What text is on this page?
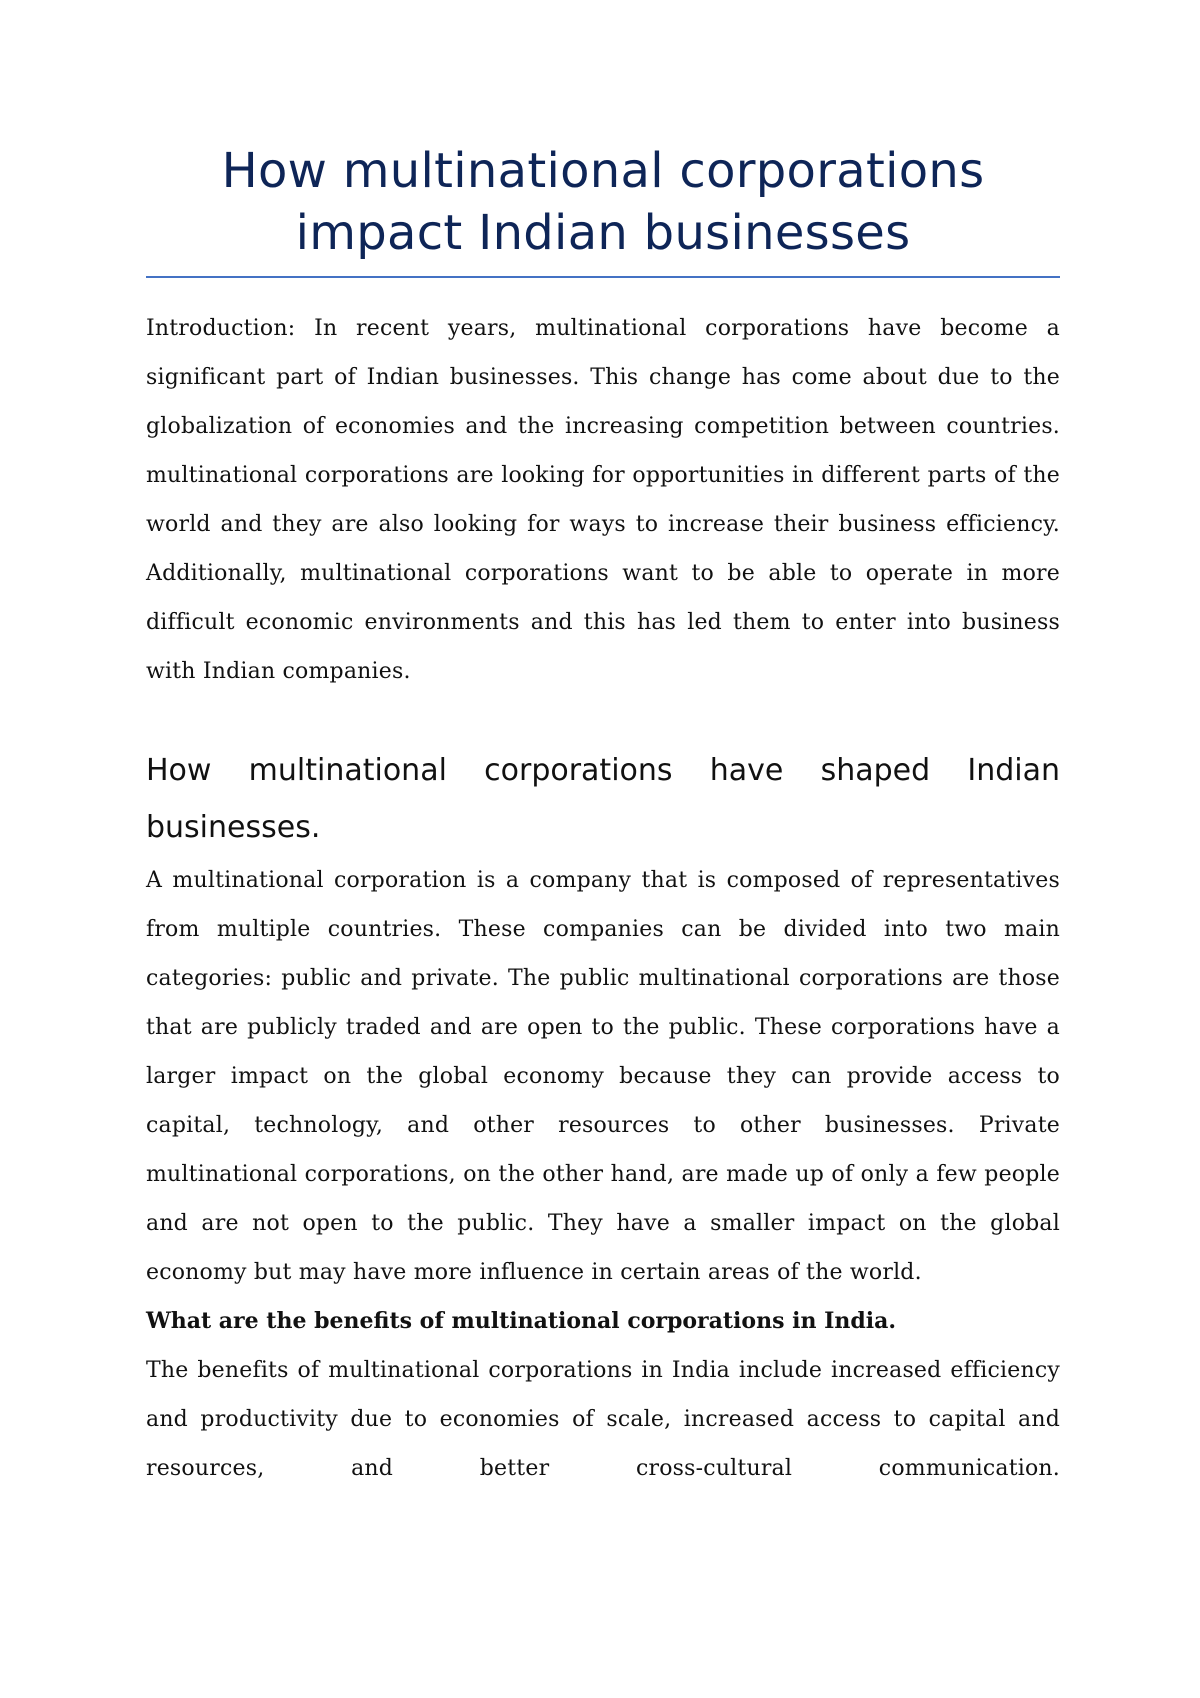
How multinational corporations impact Indian businesses

Introduction: In recent years, multinational corporations have become a significant part of Indian businesses. This change has come about due to the globalization of economies and the increasing competition between countries. multinational corporations are looking for opportunities in different parts of the world and they are also looking for ways to increase their business efficiency. Additionally, multinational corporations want to be able to operate in more difficult economic environments and this has led them to enter into business with Indian companies.

How multinational corporations have shaped Indian businesses.

A multinational corporation is a company that is composed of representatives from multiple countries. These companies can be divided into two main categories: public and private. The public multinational corporations are those that are publicly traded and are open to the public. These corporations have a larger impact on the global economy because they can provide access to capital, technology, and other resources to other businesses. Private multinational corporations, on the other hand, are made up of only a few people and are not open to the public. They have a smaller impact on the global economy but may have more influence in certain areas of the world.

What are the benefits of multinational corporations in India.

The benefits of multinational corporations in India include increased efficiency and productivity due to economies of scale, increased access to capital and resources, and better cross-cultural communication.
